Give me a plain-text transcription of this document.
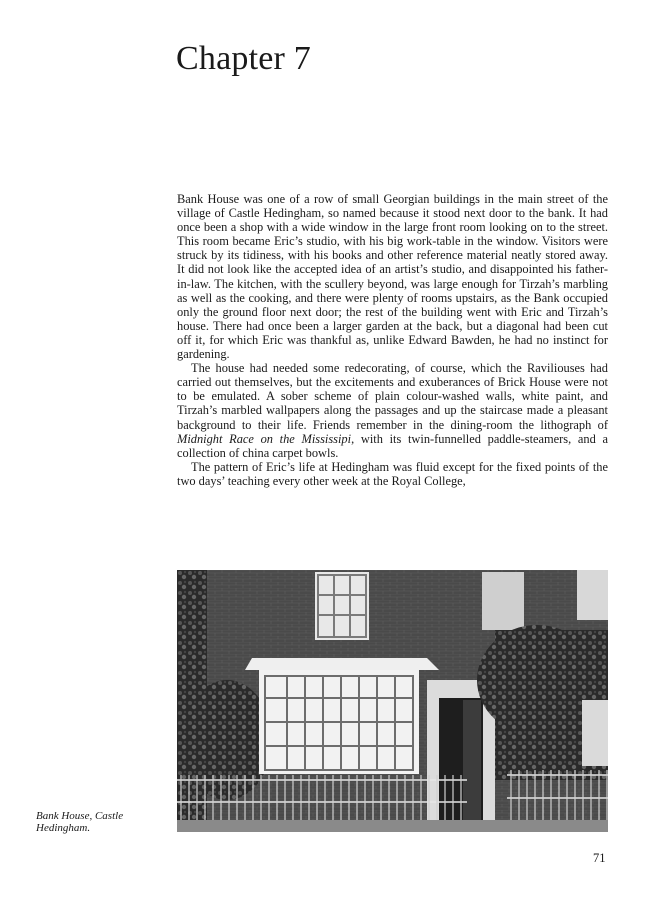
Chapter 7

Bank House was one of a row of small Georgian buildings in the main street of the village of Castle Hedingham, so named because it stood next door to the bank. It had once been a shop with a wide window in the large front room looking on to the street. This room became Eric’s studio, with his big work-table in the window. Visitors were struck by its tidiness, with his books and other reference material neatly stored away. It did not look like the accepted idea of an artist’s studio, and disappointed his father-in-law. The kitchen, with the scullery beyond, was large enough for Tirzah’s marbling as well as the cooking, and there were plenty of rooms upstairs, as the Bank occupied only the ground floor next door; the rest of the building went with Eric and Tirzah’s house. There had once been a larger garden at the back, but a diagonal had been cut off it, for which Eric was thankful as, unlike Edward Bawden, he had no instinct for gardening.

The house had needed some redecorating, of course, which the Raviliouses had carried out themselves, but the excitements and exuberances of Brick House were not to be emulated. A sober scheme of plain colour-washed walls, white paint, and Tirzah’s marbled wallpapers along the passages and up the staircase made a pleasant background to their life. Friends remember in the dining-room the lithograph of Midnight Race on the Mississipi, with its twin-funnelled paddle-steamers, and a collection of china carpet bowls.

The pattern of Eric’s life at Hedingham was fluid except for the fixed points of the two days’ teaching every other week at the Royal College,

Bank House, Castle
Hedingham.
71
